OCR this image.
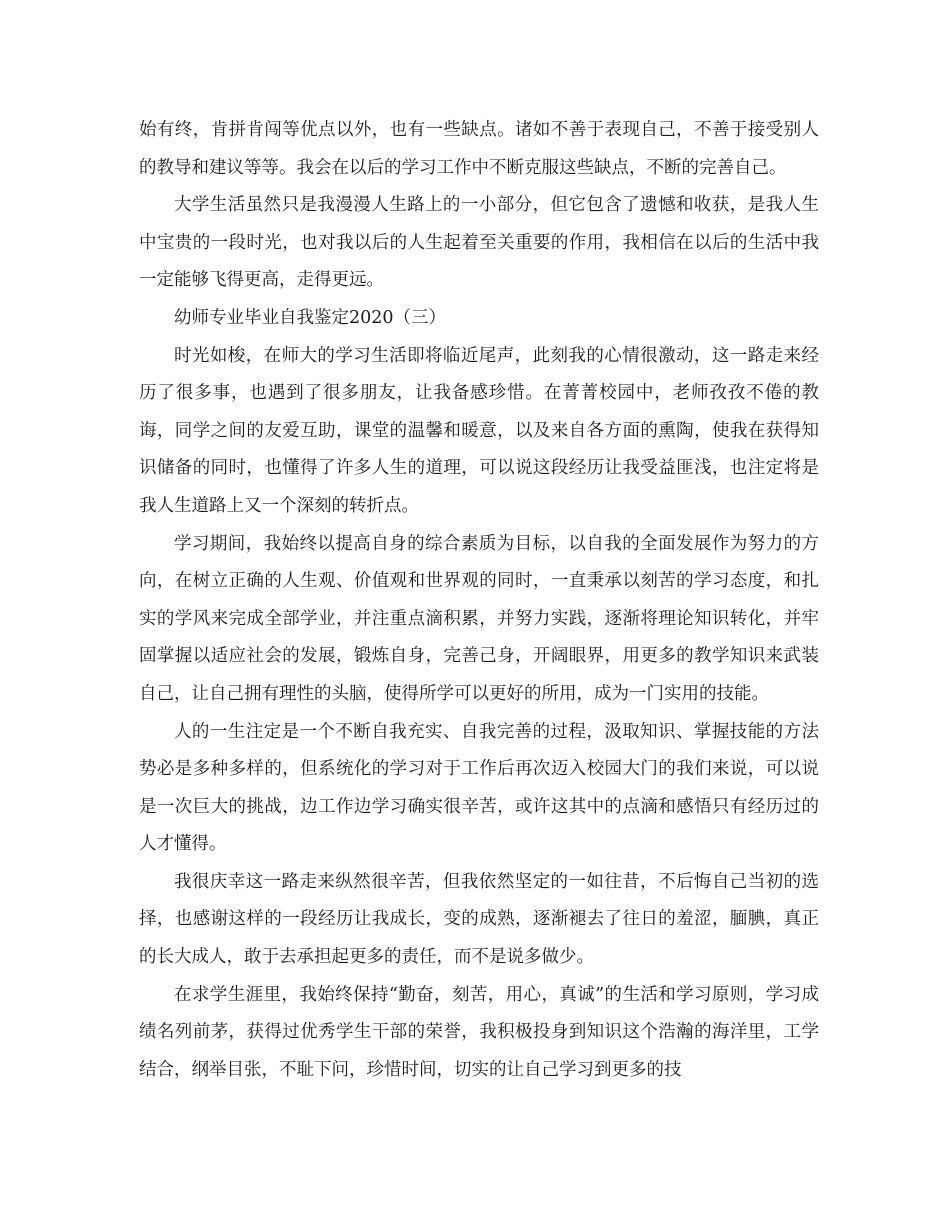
始有终，肯拼肯闯等优点以外，也有一些缺点。诸如不善于表现自己，不善于接受别人的教导和建议等等。我会在以后的学习工作中不断克服这些缺点，不断的完善自己。

大学生活虽然只是我漫漫人生路上的一小部分，但它包含了遗憾和收获，是我人生中宝贵的一段时光，也对我以后的人生起着至关重要的作用，我相信在以后的生活中我一定能够飞得更高，走得更远。

幼师专业毕业自我鉴定2020（三）

时光如梭，在师大的学习生活即将临近尾声，此刻我的心情很激动，这一路走来经历了很多事，也遇到了很多朋友，让我备感珍惜。在菁菁校园中，老师孜孜不倦的教诲，同学之间的友爱互助，课堂的温馨和暖意，以及来自各方面的熏陶，使我在获得知识储备的同时，也懂得了许多人生的道理，可以说这段经历让我受益匪浅，也注定将是我人生道路上又一个深刻的转折点。

学习期间，我始终以提高自身的综合素质为目标，以自我的全面发展作为努力的方向，在树立正确的人生观、价值观和世界观的同时，一直秉承以刻苦的学习态度，和扎实的学风来完成全部学业，并注重点滴积累，并努力实践，逐渐将理论知识转化，并牢固掌握以适应社会的发展，锻炼自身，完善己身，开阔眼界，用更多的教学知识来武装自己，让自己拥有理性的头脑，使得所学可以更好的所用，成为一门实用的技能。

人的一生注定是一个不断自我充实、自我完善的过程，汲取知识、掌握技能的方法势必是多种多样的，但系统化的学习对于工作后再次迈入校园大门的我们来说，可以说是一次巨大的挑战，边工作边学习确实很辛苦，或许这其中的点滴和感悟只有经历过的人才懂得。

我很庆幸这一路走来纵然很辛苦，但我依然坚定的一如往昔，不后悔自己当初的选择，也感谢这样的一段经历让我成长，变的成熟，逐渐褪去了往日的羞涩，腼腆，真正的长大成人，敢于去承担起更多的责任，而不是说多做少。

在求学生涯里，我始终保持“勤奋，刻苦，用心，真诚”的生活和学习原则，学习成绩名列前茅，获得过优秀学生干部的荣誉，我积极投身到知识这个浩瀚的海洋里，工学结合，纲举目张，不耻下问，珍惜时间，切实的让自己学习到更多的技
